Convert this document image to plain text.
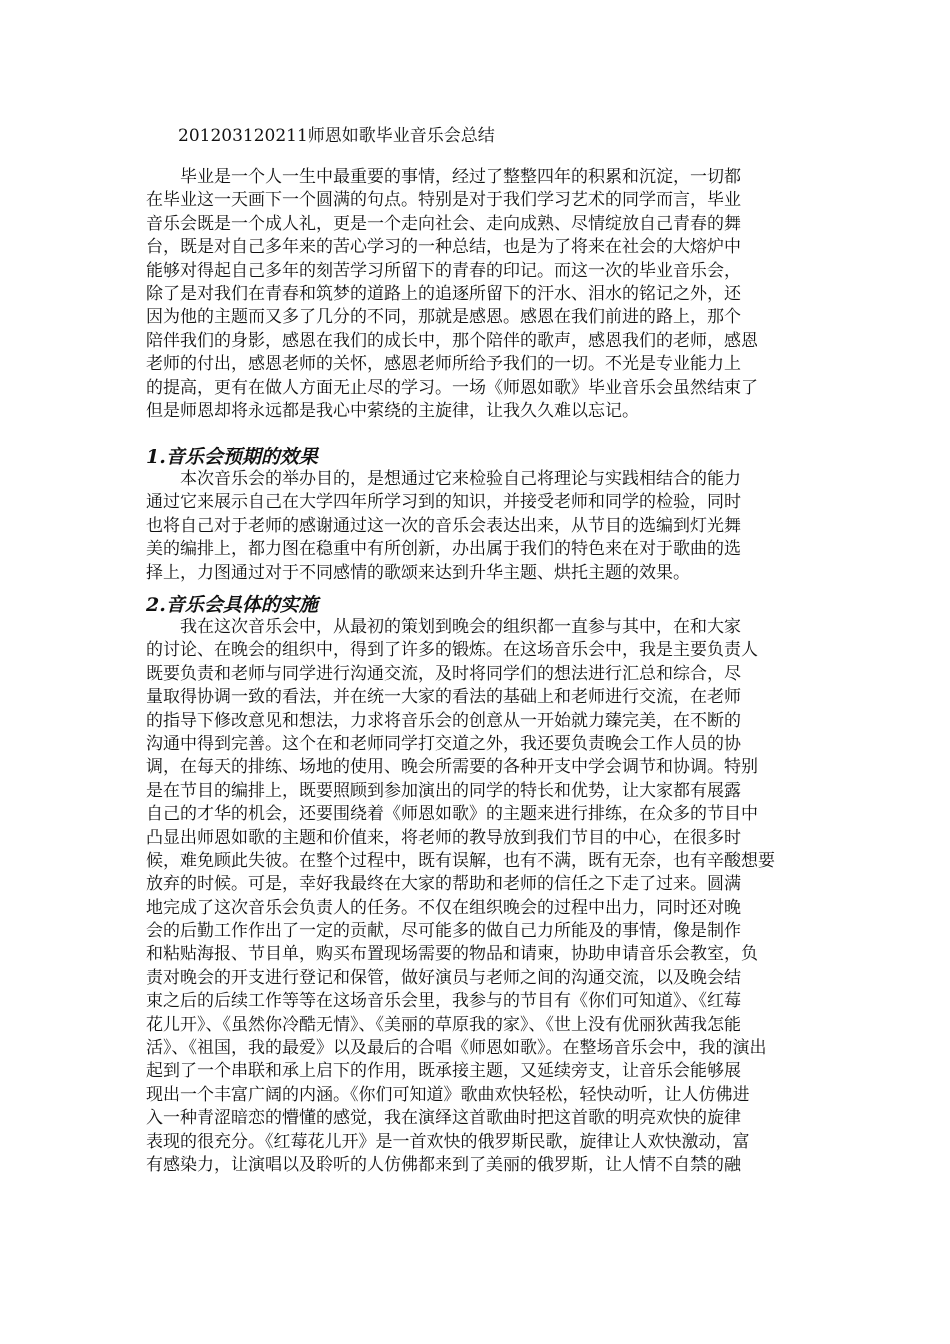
201203120211师恩如歌毕业音乐会总结
毕业是一个人一生中最重要的事情，经过了整整四年的积累和沉淀，一切都
在毕业这一天画下一个圆满的句点。特别是对于我们学习艺术的同学而言，毕业
音乐会既是一个成人礼，更是一个走向社会、走向成熟、尽情绽放自己青春的舞
台，既是对自己多年来的苦心学习的一种总结，也是为了将来在社会的大熔炉中
能够对得起自己多年的刻苦学习所留下的青春的印记。而这一次的毕业音乐会，
除了是对我们在青春和筑梦的道路上的追逐所留下的汗水、泪水的铭记之外，还
因为他的主题而又多了几分的不同，那就是感恩。感恩在我们前进的路上，那个
陪伴我们的身影，感恩在我们的成长中，那个陪伴的歌声，感恩我们的老师，感恩
老师的付出，感恩老师的关怀，感恩老师所给予我们的一切。不光是专业能力上
的提高，更有在做人方面无止尽的学习。一场《师恩如歌》毕业音乐会虽然结束了
但是师恩却将永远都是我心中萦绕的主旋律，让我久久难以忘记。
1.音乐会预期的效果
本次音乐会的举办目的，是想通过它来检验自己将理论与实践相结合的能力
通过它来展示自己在大学四年所学习到的知识，并接受老师和同学的检验，同时
也将自己对于老师的感谢通过这一次的音乐会表达出来，从节目的选编到灯光舞
美的编排上，都力图在稳重中有所创新，办出属于我们的特色来在对于歌曲的选
择上，力图通过对于不同感情的歌颂来达到升华主题、烘托主题的效果。
2.音乐会具体的实施
我在这次音乐会中，从最初的策划到晚会的组织都一直参与其中，在和大家
的讨论、在晚会的组织中，得到了许多的锻炼。在这场音乐会中，我是主要负责人
既要负责和老师与同学进行沟通交流，及时将同学们的想法进行汇总和综合，尽
量取得协调一致的看法，并在统一大家的看法的基础上和老师进行交流，在老师
的指导下修改意见和想法，力求将音乐会的创意从一开始就力臻完美，在不断的
沟通中得到完善。这个在和老师同学打交道之外，我还要负责晚会工作人员的协
调，在每天的排练、场地的使用、晚会所需要的各种开支中学会调节和协调。特别
是在节目的编排上，既要照顾到参加演出的同学的特长和优势，让大家都有展露
自己的才华的机会，还要围绕着《师恩如歌》的主题来进行排练，在众多的节目中
凸显出师恩如歌的主题和价值来，将老师的教导放到我们节目的中心，在很多时
候，难免顾此失彼。在整个过程中，既有误解，也有不满，既有无奈，也有辛酸想要
放弃的时候。可是，幸好我最终在大家的帮助和老师的信任之下走了过来。圆满
地完成了这次音乐会负责人的任务。不仅在组织晚会的过程中出力，同时还对晚
会的后勤工作作出了一定的贡献，尽可能多的做自己力所能及的事情，像是制作
和粘贴海报、节目单，购买布置现场需要的物品和请柬，协助申请音乐会教室，负
责对晚会的开支进行登记和保管，做好演员与老师之间的沟通交流，以及晚会结
束之后的后续工作等等在这场音乐会里，我参与的节目有《你们可知道》、《红莓
花儿开》、《虽然你冷酷无情》、《美丽的草原我的家》、《世上没有优丽狄茜我怎能
活》、《祖国，我的最爱》以及最后的合唱《师恩如歌》。在整场音乐会中，我的演出
起到了一个串联和承上启下的作用，既承接主题，又延续旁支，让音乐会能够展
现出一个丰富广阔的内涵。《你们可知道》歌曲欢快轻松，轻快动听，让人仿佛进
入一种青涩暗恋的懵懂的感觉，我在演绎这首歌曲时把这首歌的明亮欢快的旋律
表现的很充分。《红莓花儿开》是一首欢快的俄罗斯民歌，旋律让人欢快激动，富
有感染力，让演唱以及聆听的人仿佛都来到了美丽的俄罗斯，让人情不自禁的融
